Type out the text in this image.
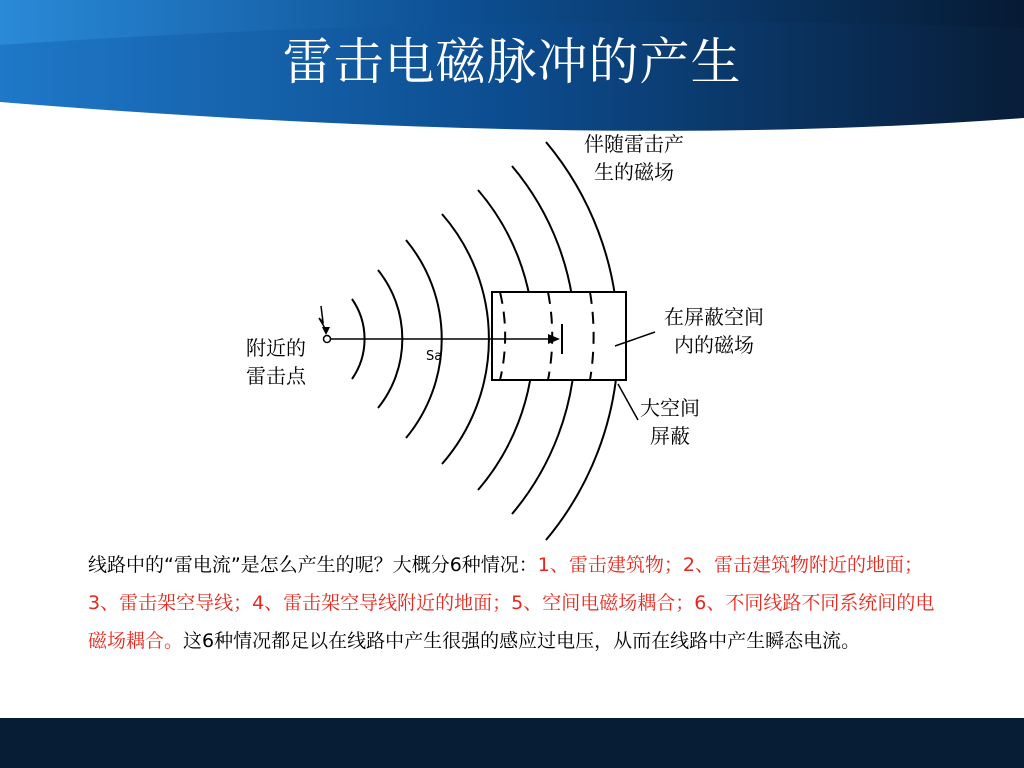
雷击电磁脉冲的产生
附近的
雷击点
伴随雷击产
生的磁场
在屏蔽空间
内的磁场
大空间
屏蔽
Sa
线路中的“雷电流”是怎么产生的呢？大概分6种情况：1、雷击建筑物；2、雷击建筑物附近的地面；3、雷击架空导线；4、雷击架空导线附近的地面；5、空间电磁场耦合；6、不同线路不同系统间的电磁场耦合。这6种情况都足以在线路中产生很强的感应过电压，从而在线路中产生瞬态电流。
